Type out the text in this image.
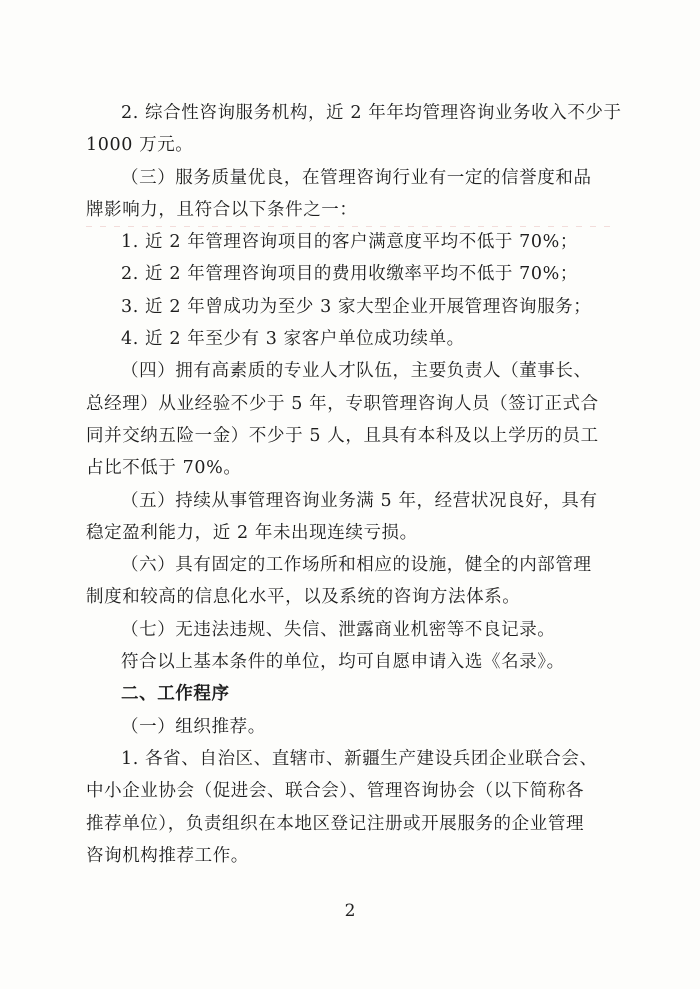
2. 综合性咨询服务机构，近 2 年年均管理咨询业务收入不少于
1000 万元。
（三）服务质量优良，在管理咨询行业有一定的信誉度和品
牌影响力，且符合以下条件之一：
1. 近 2 年管理咨询项目的客户满意度平均不低于 70%；
2. 近 2 年管理咨询项目的费用收缴率平均不低于 70%；
3. 近 2 年曾成功为至少 3 家大型企业开展管理咨询服务；
4. 近 2 年至少有 3 家客户单位成功续单。
（四）拥有高素质的专业人才队伍，主要负责人（董事长、
总经理）从业经验不少于 5 年，专职管理咨询人员（签订正式合
同并交纳五险一金）不少于 5 人，且具有本科及以上学历的员工
占比不低于 70%。
（五）持续从事管理咨询业务满 5 年，经营状况良好，具有
稳定盈利能力，近 2 年未出现连续亏损。
（六）具有固定的工作场所和相应的设施，健全的内部管理
制度和较高的信息化水平，以及系统的咨询方法体系。
（七）无违法违规、失信、泄露商业机密等不良记录。
符合以上基本条件的单位，均可自愿申请入选《名录》。
二、工作程序
（一）组织推荐。
1. 各省、自治区、直辖市、新疆生产建设兵团企业联合会、
中小企业协会（促进会、联合会）、管理咨询协会（以下简称各
推荐单位），负责组织在本地区登记注册或开展服务的企业管理
咨询机构推荐工作。
2
